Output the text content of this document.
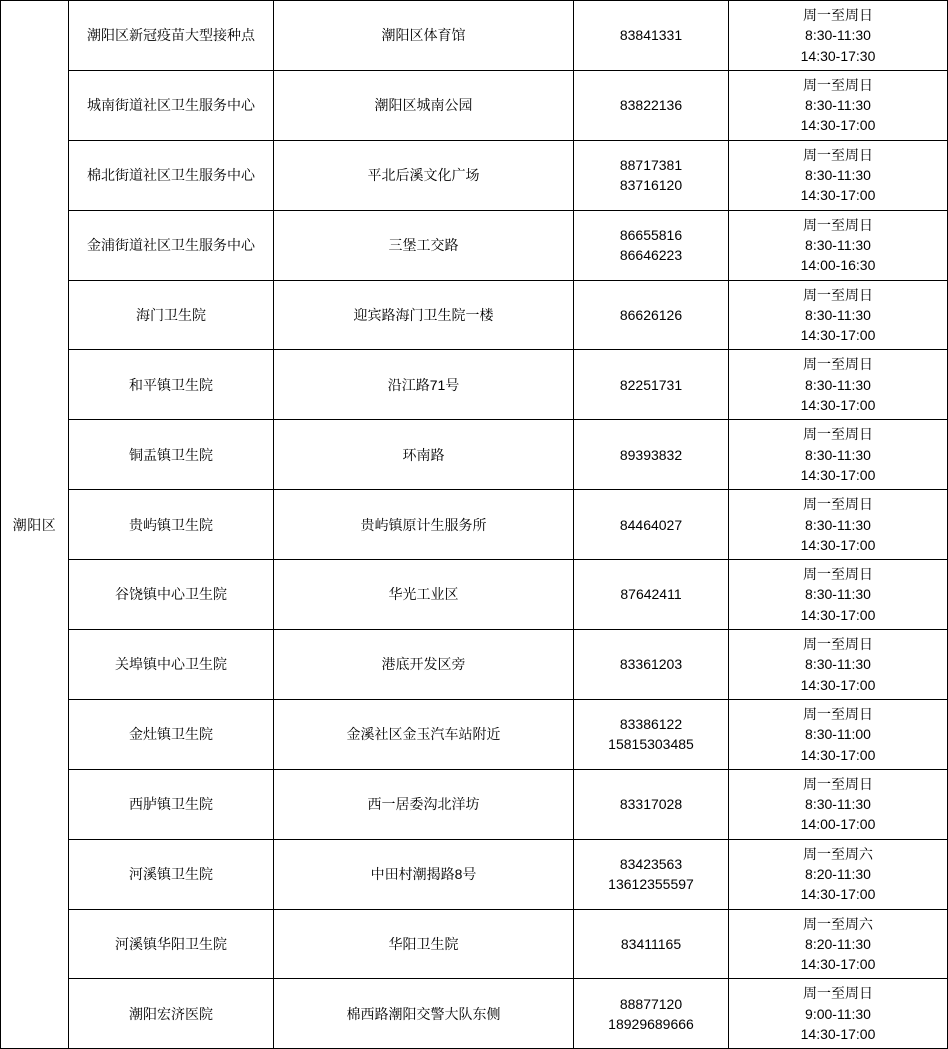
潮阳区	潮阳区新冠疫苗大型接种点	潮阳区体育馆	83841331	周一至周日
8:30-11:30
14:30-17:30

	城南街道社区卫生服务中心	潮阳区城南公园	83822136	周一至周日
8:30-11:30
14:30-17:00

	棉北街道社区卫生服务中心	平北后溪文化广场	88717381
83716120	周一至周日
8:30-11:30
14:30-17:00

	金浦街道社区卫生服务中心	三堡工交路	86655816
86646223	周一至周日
8:30-11:30
14:00-16:30

	海门卫生院	迎宾路海门卫生院一楼	86626126	周一至周日
8:30-11:30
14:30-17:00

	和平镇卫生院	沿江路71号	82251731	周一至周日
8:30-11:30
14:30-17:00

	铜盂镇卫生院	环南路	89393832	周一至周日
8:30-11:30
14:30-17:00

	贵屿镇卫生院	贵屿镇原计生服务所	84464027	周一至周日
8:30-11:30
14:30-17:00

	谷饶镇中心卫生院	华光工业区	87642411	周一至周日
8:30-11:30
14:30-17:00

	关埠镇中心卫生院	港底开发区旁	83361203	周一至周日
8:30-11:30
14:30-17:00

	金灶镇卫生院	金溪社区金玉汽车站附近	83386122
15815303485	周一至周日
8:30-11:00
14:30-17:00

	西胪镇卫生院	西一居委沟北洋坊	83317028	周一至周日
8:30-11:30
14:00-17:00

	河溪镇卫生院	中田村潮揭路8号	83423563
13612355597	周一至周六
8:20-11:30
14:30-17:00

	河溪镇华阳卫生院	华阳卫生院	83411165	周一至周六
8:20-11:30
14:30-17:00

	潮阳宏济医院	棉西路潮阳交警大队东侧	88877120
18929689666	周一至周日
9:00-11:30
14:30-17:00
